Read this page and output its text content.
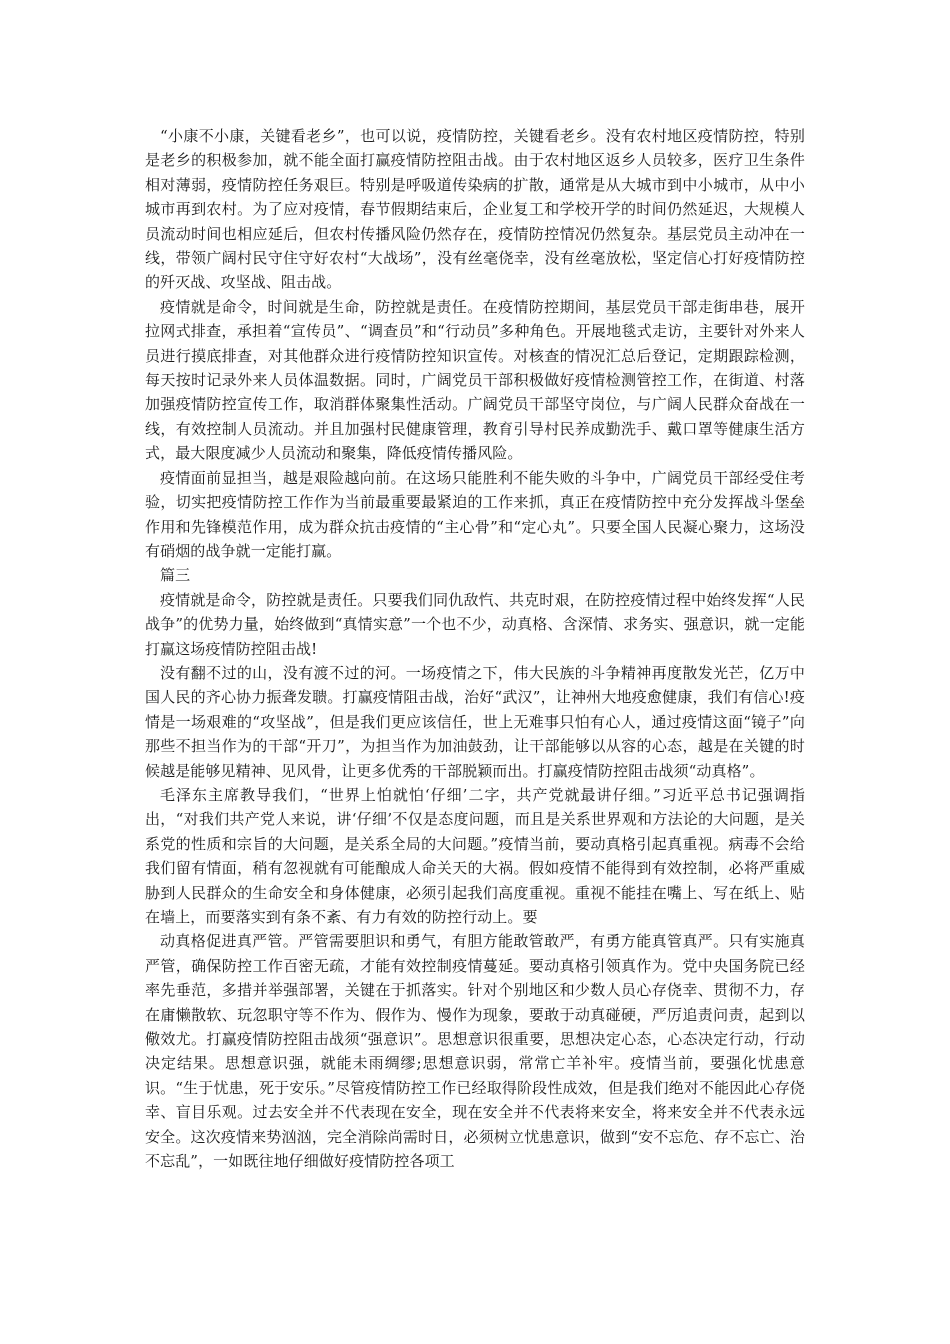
“小康不小康，关键看老乡”，也可以说，疫情防控，关键看老乡。没有农村地区疫情防控，特别是老乡的积极参加，就不能全面打赢疫情防控阻击战。由于农村地区返乡人员较多，医疗卫生条件相对薄弱，疫情防控任务艰巨。特别是呼吸道传染病的扩散，通常是从大城市到中小城市，从中小城市再到农村。为了应对疫情，春节假期结束后，企业复工和学校开学的时间仍然延迟，大规模人员流动时间也相应延后，但农村传播风险仍然存在，疫情防控情况仍然复杂。基层党员主动冲在一线，带领广阔村民守住守好农村“大战场”，没有丝毫侥幸，没有丝毫放松，坚定信心打好疫情防控的歼灭战、攻坚战、阻击战。

疫情就是命令，时间就是生命，防控就是责任。在疫情防控期间，基层党员干部走街串巷，展开拉网式排查，承担着“宣传员”、“调查员”和“行动员”多种角色。开展地毯式走访，主要针对外来人员进行摸底排查，对其他群众进行疫情防控知识宣传。对核查的情况汇总后登记，定期跟踪检测，每天按时记录外来人员体温数据。同时，广阔党员干部积极做好疫情检测管控工作，在街道、村落加强疫情防控宣传工作，取消群体聚集性活动。广阔党员干部坚守岗位，与广阔人民群众奋战在一线，有效控制人员流动。并且加强村民健康管理，教育引导村民养成勤洗手、戴口罩等健康生活方式，最大限度减少人员流动和聚集，降低疫情传播风险。

疫情面前显担当，越是艰险越向前。在这场只能胜利不能失败的斗争中，广阔党员干部经受住考验，切实把疫情防控工作作为当前最重要最紧迫的工作来抓，真正在疫情防控中充分发挥战斗堡垒作用和先锋模范作用，成为群众抗击疫情的“主心骨”和“定心丸”。只要全国人民凝心聚力，这场没有硝烟的战争就一定能打赢。

篇三

疫情就是命令，防控就是责任。只要我们同仇敌忾、共克时艰，在防控疫情过程中始终发挥“人民战争”的优势力量，始终做到“真情实意”一个也不少，动真格、含深情、求务实、强意识，就一定能打赢这场疫情防控阻击战!

没有翻不过的山，没有渡不过的河。一场疫情之下，伟大民族的斗争精神再度散发光芒，亿万中国人民的齐心协力振聋发聩。打赢疫情阻击战，治好“武汉”，让神州大地疫愈健康，我们有信心!疫情是一场艰难的“攻坚战”，但是我们更应该信任，世上无难事只怕有心人，通过疫情这面“镜子”向那些不担当作为的干部“开刀”，为担当作为加油鼓劲，让干部能够以从容的心态，越是在关键的时候越是能够见精神、见风骨，让更多优秀的干部脱颖而出。打赢疫情防控阻击战须“动真格”。

毛泽东主席教导我们，“世界上怕就怕‘仔细’二字，共产党就最讲仔细。”习近平总书记强调指出，“对我们共产党人来说，讲‘仔细’不仅是态度问题，而且是关系世界观和方法论的大问题，是关系党的性质和宗旨的大问题，是关系全局的大问题。”疫情当前，要动真格引起真重视。病毒不会给我们留有情面，稍有忽视就有可能酿成人命关天的大祸。假如疫情不能得到有效控制，必将严重威胁到人民群众的生命安全和身体健康，必须引起我们高度重视。重视不能挂在嘴上、写在纸上、贴在墙上，而要落实到有条不紊、有力有效的防控行动上。要

动真格促进真严管。严管需要胆识和勇气，有胆方能敢管敢严，有勇方能真管真严。只有实施真严管，确保防控工作百密无疏，才能有效控制疫情蔓延。要动真格引领真作为。党中央国务院已经率先垂范，多措并举强部署，关键在于抓落实。针对个别地区和少数人员心存侥幸、贯彻不力，存在庸懒散软、玩忽职守等不作为、假作为、慢作为现象，要敢于动真碰硬，严厉追责问责，起到以儆效尤。打赢疫情防控阻击战须“强意识”。思想意识很重要，思想决定心态，心态决定行动，行动决定结果。思想意识强，就能未雨绸缪;思想意识弱，常常亡羊补牢。疫情当前，要强化忧患意识。“生于忧患，死于安乐。”尽管疫情防控工作已经取得阶段性成效，但是我们绝对不能因此心存侥幸、盲目乐观。过去安全并不代表现在安全，现在安全并不代表将来安全，将来安全并不代表永远安全。这次疫情来势汹汹，完全消除尚需时日，必须树立忧患意识，做到“安不忘危、存不忘亡、治不忘乱”，一如既往地仔细做好疫情防控各项工
